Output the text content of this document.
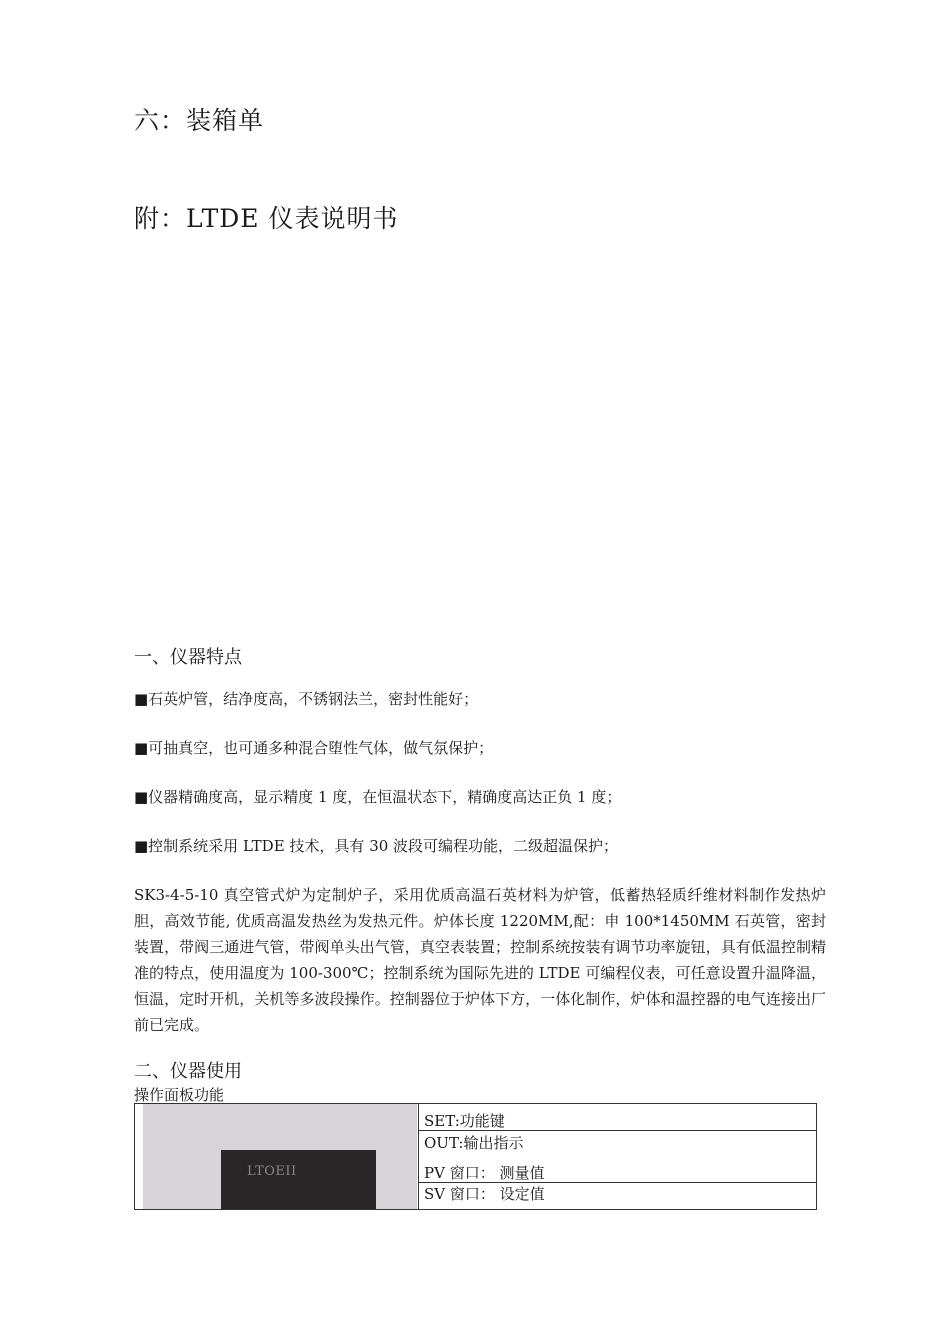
六：装箱单
附：LTDE 仪表说明书
一、仪器特点
■石英炉管，结净度高，不锈钢法兰，密封性能好；
■可抽真空，也可通多种混合堕性气体，做气氛保护；
■仪器精确度高，显示精度 1 度，在恒温状态下，精确度高达正负 1 度；
■控制系统采用 LTDE 技术，具有 30 波段可编程功能，二级超温保护；
SK3-4-5-10 真空管式炉为定制炉子，采用优质高温石英材料为炉管，低蓄热轻质纤维材料制作发热炉胆，高效节能, 优质高温发热丝为发热元件。炉体长度 1220MM,配：申 100*1450MM 石英管，密封装置，带阀三通进气管，带阀单头出气管，真空表装置；控制系统按装有调节功率旋钮，具有低温控制精准的特点，使用温度为 100-300℃；控制系统为国际先进的 LTDE 可编程仪表，可任意设置升温降温，恒温，定时开机，关机等多波段操作。控制器位于炉体下方，一体化制作，炉体和温控器的电气连接出厂前已完成。
二、仪器使用
操作面板功能
LTOEII
SET:功能键
OUT:输出指示
PV 窗口： 测量值
SV 窗口： 设定值
